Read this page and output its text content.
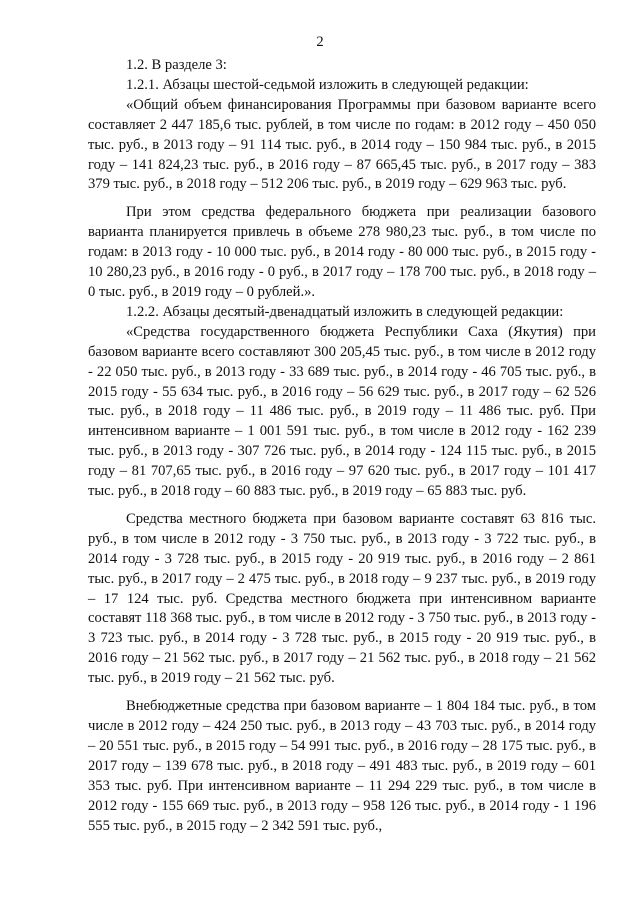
2

1.2. В разделе 3:

1.2.1. Абзацы шестой-седьмой изложить в следующей редакции:

«Общий объем финансирования Программы при базовом варианте всего составляет 2 447 185,6 тыс. рублей, в том числе по годам: в 2012 году – 450 050 тыс. руб., в 2013 году – 91 114 тыс. руб., в 2014 году – 150 984 тыс. руб., в 2015 году – 141 824,23 тыс. руб., в 2016 году – 87 665,45 тыс. руб., в 2017 году – 383 379 тыс. руб., в 2018 году – 512 206 тыс. руб., в 2019 году – 629 963 тыс. руб.

При этом средства федерального бюджета при реализации базового варианта планируется привлечь в объеме 278 980,23 тыс. руб., в том числе по годам: в 2013 году - 10 000 тыс. руб., в 2014 году - 80 000 тыс. руб., в 2015 году - 10 280,23 руб., в 2016 году - 0 руб., в 2017 году – 178 700 тыс. руб., в 2018 году – 0 тыс. руб., в 2019 году – 0 рублей.».

1.2.2. Абзацы десятый-двенадцатый изложить в следующей редакции:

«Средства государственного бюджета Республики Саха (Якутия) при базовом варианте всего составляют 300 205,45 тыс. руб., в том числе в 2012 году - 22 050 тыс. руб., в 2013 году - 33 689 тыс. руб., в 2014 году - 46 705 тыс. руб., в 2015 году - 55 634 тыс. руб., в 2016 году – 56 629 тыс. руб., в 2017 году – 62 526 тыс. руб., в 2018 году – 11 486 тыс. руб., в 2019 году – 11 486 тыс. руб. При интенсивном варианте – 1 001 591 тыс. руб., в том числе в 2012 году - 162 239 тыс. руб., в 2013 году - 307 726 тыс. руб., в 2014 году - 124 115 тыс. руб., в 2015 году – 81 707,65 тыс. руб., в 2016 году – 97 620 тыс. руб., в 2017 году – 101 417 тыс. руб., в 2018 году – 60 883 тыс. руб., в 2019 году – 65 883 тыс. руб.

Средства местного бюджета при базовом варианте составят 63 816 тыс. руб., в том числе в 2012 году - 3 750 тыс. руб., в 2013 году - 3 722 тыс. руб., в 2014 году - 3 728 тыс. руб., в 2015 году - 20 919 тыс. руб., в 2016 году – 2 861 тыс. руб., в 2017 году – 2 475 тыс. руб., в 2018 году – 9 237 тыс. руб., в 2019 году – 17 124 тыс. руб. Средства местного бюджета при интенсивном варианте составят 118 368 тыс. руб., в том числе в 2012 году - 3 750 тыс. руб., в 2013 году - 3 723 тыс. руб., в 2014 году - 3 728 тыс. руб., в 2015 году - 20 919 тыс. руб., в 2016 году – 21 562 тыс. руб., в 2017 году – 21 562 тыс. руб., в 2018 году – 21 562 тыс. руб., в 2019 году – 21 562 тыс. руб.

Внебюджетные средства при базовом варианте – 1 804 184 тыс. руб., в том числе в 2012 году – 424 250 тыс. руб., в 2013 году – 43 703 тыс. руб., в 2014 году – 20 551 тыс. руб., в 2015 году – 54 991 тыс. руб., в 2016 году – 28 175 тыс. руб., в 2017 году – 139 678 тыс. руб., в 2018 году – 491 483 тыс. руб., в 2019 году – 601 353 тыс. руб. При интенсивном варианте – 11 294 229 тыс. руб., в том числе в 2012 году - 155 669 тыс. руб., в 2013 году – 958 126 тыс. руб., в 2014 году - 1 196 555 тыс. руб., в 2015 году – 2 342 591 тыс. руб.,
